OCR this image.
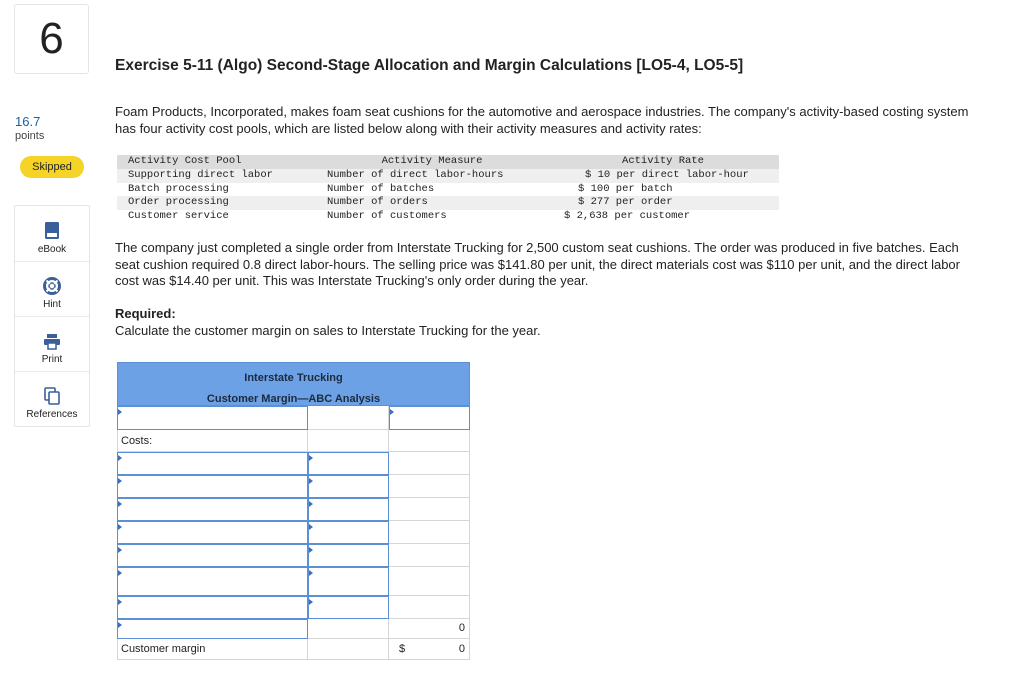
6
16.7
points
Skipped
eBook
Hint
Print
References
Exercise 5-11 (Algo) Second-Stage Allocation and Margin Calculations [LO5-4, LO5-5]
Foam Products, Incorporated, makes foam seat cushions for the automotive and aerospace industries. The company's activity-based costing system has four activity cost pools, which are listed below along with their activity measures and activity rates:
Activity Cost Pool	Activity Measure	Activity Rate
Supporting direct labor	Number of direct labor-hours	$ 10 per direct labor-hour
Batch processing	Number of batches	$ 100 per batch
Order processing	Number of orders	$ 277 per order
Customer service	Number of customers	$ 2,638 per customer
The company just completed a single order from Interstate Trucking for 2,500 custom seat cushions. The order was produced in five batches. Each seat cushion required 0.8 direct labor-hours. The selling price was $141.80 per unit, the direct materials cost was $110 per unit, and the direct labor cost was $14.40 per unit. This was Interstate Trucking's only order during the year.
Required:
Calculate the customer margin on sales to Interstate Trucking for the year.
Interstate Trucking
Customer Margin—ABC Analysis
Costs:
0
Customer margin	$	0
